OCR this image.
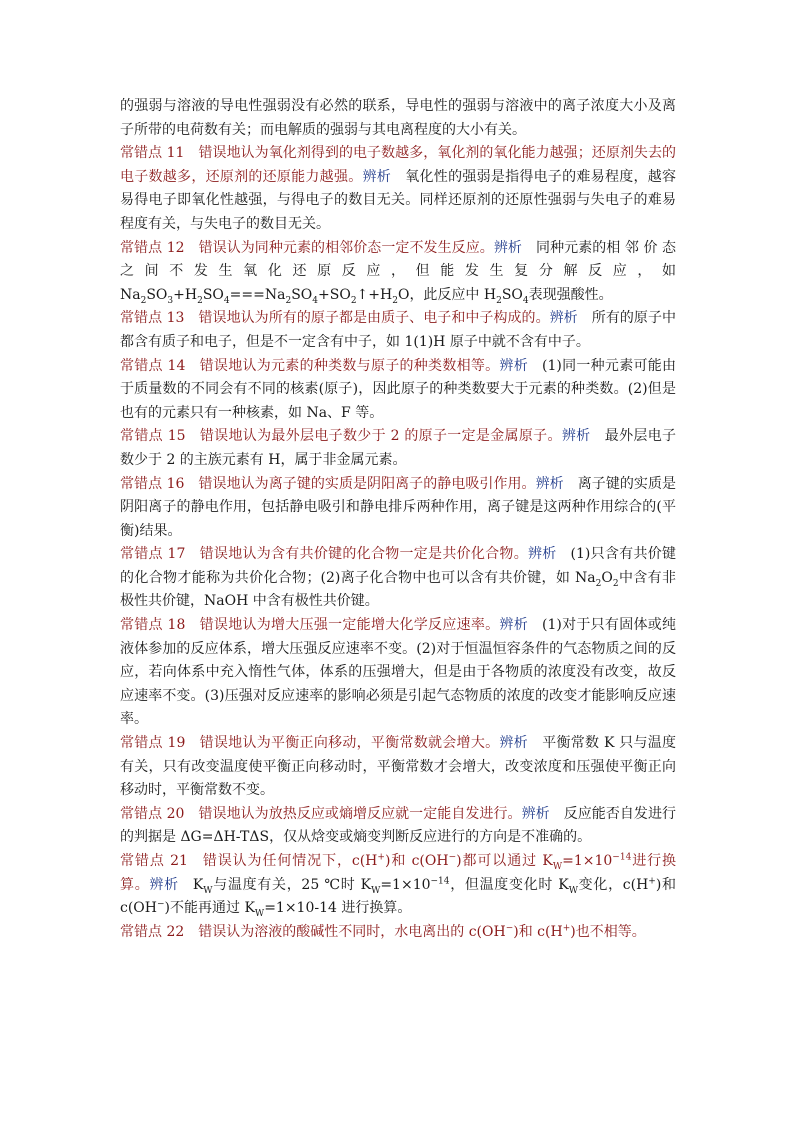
的强弱与溶液的导电性强弱没有必然的联系，导电性的强弱与溶液中的离子浓度大小及离子所带的电荷数有关；而电解质的强弱与其电离程度的大小有关。

常错点 11 错误地认为氧化剂得到的电子数越多，氧化剂的氧化能力越强；还原剂失去的电子数越多，还原剂的还原能力越强。辨析 氧化性的强弱是指得电子的难易程度，越容易得电子即氧化性越强，与得电子的数目无关。同样还原剂的还原性强弱与失电子的难易程度有关，与失电子的数目无关。

常错点 12 错误认为同种元素的相邻价态一定不发生反应。辨析 同种元素的相 邻 价 态 之 间 不 发 生 氧 化 还 原 反 应 ， 但 能 发 生 复 分 解 反 应 ， 如 $Na_2SO_3+H_2SO_4===Na_2SO_4+SO_2↑+H_2O$，此反应中 $H_2SO_4$表现强酸性。

常错点 13 错误地认为所有的原子都是由质子、电子和中子构成的。辨析 所有的原子中都含有质子和电子，但是不一定含有中子，如 1(1)H 原子中就不含有中子。

常错点 14 错误地认为元素的种类数与原子的种类数相等。辨析 (1)同一种元素可能由于质量数的不同会有不同的核素(原子)，因此原子的种类数要大于元素的种类数。(2)但是也有的元素只有一种核素，如 Na、F 等。

常错点 15 错误地认为最外层电子数少于 2 的原子一定是金属原子。辨析 最外层电子数少于 2 的主族元素有 H，属于非金属元素。

常错点 16 错误地认为离子键的实质是阴阳离子的静电吸引作用。辨析 离子键的实质是阴阳离子的静电作用，包括静电吸引和静电排斥两种作用，离子键是这两种作用综合的(平衡)结果。

常错点 17 错误地认为含有共价键的化合物一定是共价化合物。辨析 (1)只含有共价键的化合物才能称为共价化合物；(2)离子化合物中也可以含有共价键，如 $Na_2O_2$中含有非极性共价键，NaOH 中含有极性共价键。

常错点 18 错误地认为增大压强一定能增大化学反应速率。辨析 (1)对于只有固体或纯液体参加的反应体系，增大压强反应速率不变。(2)对于恒温恒容条件的气态物质之间的反应，若向体系中充入惰性气体，体系的压强增大，但是由于各物质的浓度没有改变，故反应速率不变。(3)压强对反应速率的影响必须是引起气态物质的浓度的改变才能影响反应速率。

常错点 19 错误地认为平衡正向移动，平衡常数就会增大。辨析 平衡常数 K 只与温度有关，只有改变温度使平衡正向移动时，平衡常数才会增大，改变浓度和压强使平衡正向移动时，平衡常数不变。

常错点 20 错误地认为放热反应或熵增反应就一定能自发进行。辨析 反应能否自发进行的判据是 ΔG=ΔH-TΔS，仅从焓变或熵变判断反应进行的方向是不准确的。

常错点 21 错误认为任何情况下，c(H+)和 c(OH−)都可以通过 $K_W=1\times 10^{-14}$进行换算。辨析 $K_W$与温度有关，25 ℃时 $K_W=1\times 10^{-14}$，但温度变化时 $K_W$变化，c(H+)和 c(OH−)不能再通过 $K_W=1\times 10-14$ 进行换算。

常错点 22 错误认为溶液的酸碱性不同时，水电离出的 c(OH−)和 c(H+)也不相等。
